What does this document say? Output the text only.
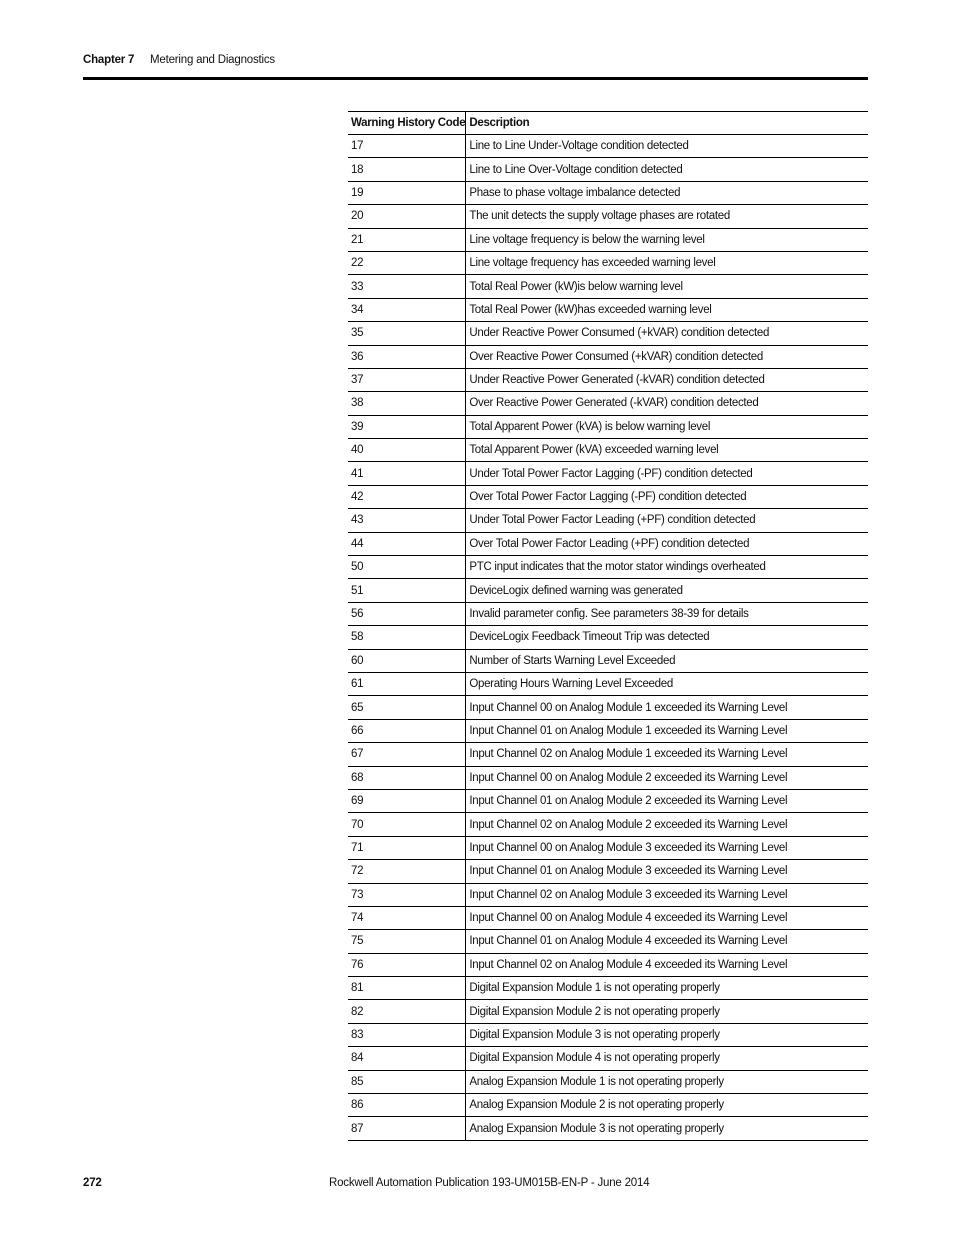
Chapter 7 Metering and Diagnostics
Warning History Code	Description
17	Line to Line Under-Voltage condition detected
18	Line to Line Over-Voltage condition detected
19	Phase to phase voltage imbalance detected
20	The unit detects the supply voltage phases are rotated
21	Line voltage frequency is below the warning level
22	Line voltage frequency has exceeded warning level
33	Total Real Power (kW)is below warning level
34	Total Real Power (kW)has exceeded warning level
35	Under Reactive Power Consumed (+kVAR) condition detected
36	Over Reactive Power Consumed (+kVAR) condition detected
37	Under Reactive Power Generated (-kVAR) condition detected
38	Over Reactive Power Generated (-kVAR) condition detected
39	Total Apparent Power (kVA) is below warning level
40	Total Apparent Power (kVA) exceeded warning level
41	Under Total Power Factor Lagging (-PF) condition detected
42	Over Total Power Factor Lagging (-PF) condition detected
43	Under Total Power Factor Leading (+PF) condition detected
44	Over Total Power Factor Leading (+PF) condition detected
50	PTC input indicates that the motor stator windings overheated
51	DeviceLogix defined warning was generated
56	Invalid parameter config. See parameters 38-39 for details
58	DeviceLogix Feedback Timeout Trip was detected
60	Number of Starts Warning Level Exceeded
61	Operating Hours Warning Level Exceeded
65	Input Channel 00 on Analog Module 1 exceeded its Warning Level
66	Input Channel 01 on Analog Module 1 exceeded its Warning Level
67	Input Channel 02 on Analog Module 1 exceeded its Warning Level
68	Input Channel 00 on Analog Module 2 exceeded its Warning Level
69	Input Channel 01 on Analog Module 2 exceeded its Warning Level
70	Input Channel 02 on Analog Module 2 exceeded its Warning Level
71	Input Channel 00 on Analog Module 3 exceeded its Warning Level
72	Input Channel 01 on Analog Module 3 exceeded its Warning Level
73	Input Channel 02 on Analog Module 3 exceeded its Warning Level
74	Input Channel 00 on Analog Module 4 exceeded its Warning Level
75	Input Channel 01 on Analog Module 4 exceeded its Warning Level
76	Input Channel 02 on Analog Module 4 exceeded its Warning Level
81	Digital Expansion Module 1 is not operating properly
82	Digital Expansion Module 2 is not operating properly
83	Digital Expansion Module 3 is not operating properly
84	Digital Expansion Module 4 is not operating properly
85	Analog Expansion Module 1 is not operating properly
86	Analog Expansion Module 2 is not operating properly
87	Analog Expansion Module 3 is not operating properly
272	Rockwell Automation Publication 193-UM015B-EN-P - June 2014
